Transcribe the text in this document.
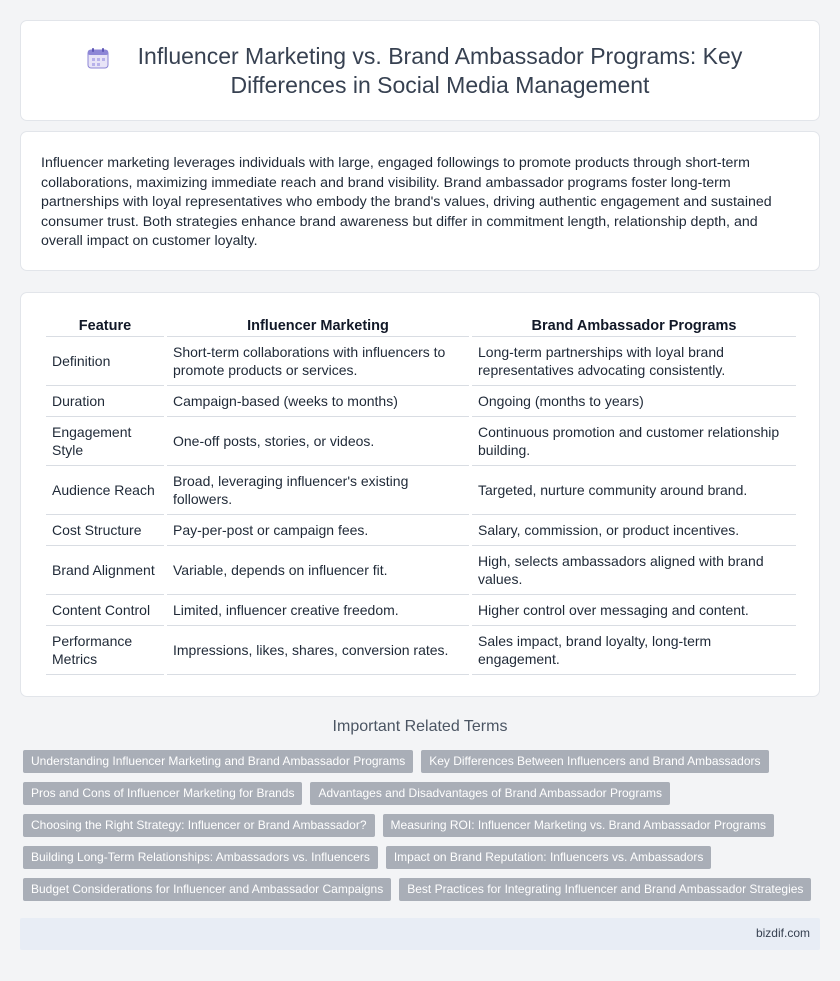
Influencer Marketing vs. Brand Ambassador Programs: Key Differences in Social Media Management

Influencer marketing leverages individuals with large, engaged followings to promote products through short-term collaborations, maximizing immediate reach and brand visibility. Brand ambassador programs foster long-term partnerships with loyal representatives who embody the brand's values, driving authentic engagement and sustained consumer trust. Both strategies enhance brand awareness but differ in commitment length, relationship depth, and overall impact on customer loyalty.

Feature	Influencer Marketing	Brand Ambassador Programs
Definition	Short-term collaborations with influencers to promote products or services.	Long-term partnerships with loyal brand representatives advocating consistently.
Duration	Campaign-based (weeks to months)	Ongoing (months to years)
Engagement Style	One-off posts, stories, or videos.	Continuous promotion and customer relationship building.
Audience Reach	Broad, leveraging influencer's existing followers.	Targeted, nurture community around brand.
Cost Structure	Pay-per-post or campaign fees.	Salary, commission, or product incentives.
Brand Alignment	Variable, depends on influencer fit.	High, selects ambassadors aligned with brand values.
Content Control	Limited, influencer creative freedom.	Higher control over messaging and content.
Performance Metrics	Impressions, likes, shares, conversion rates.	Sales impact, brand loyalty, long-term engagement.
Important Related Terms
Understanding Influencer Marketing and Brand Ambassador Programs	Key Differences Between Influencers and Brand Ambassadors
Pros and Cons of Influencer Marketing for Brands	Advantages and Disadvantages of Brand Ambassador Programs
Choosing the Right Strategy: Influencer or Brand Ambassador?	Measuring ROI: Influencer Marketing vs. Brand Ambassador Programs
Building Long-Term Relationships: Ambassadors vs. Influencers	Impact on Brand Reputation: Influencers vs. Ambassadors
Budget Considerations for Influencer and Ambassador Campaigns	Best Practices for Integrating Influencer and Brand Ambassador Strategies
bizdif.com
